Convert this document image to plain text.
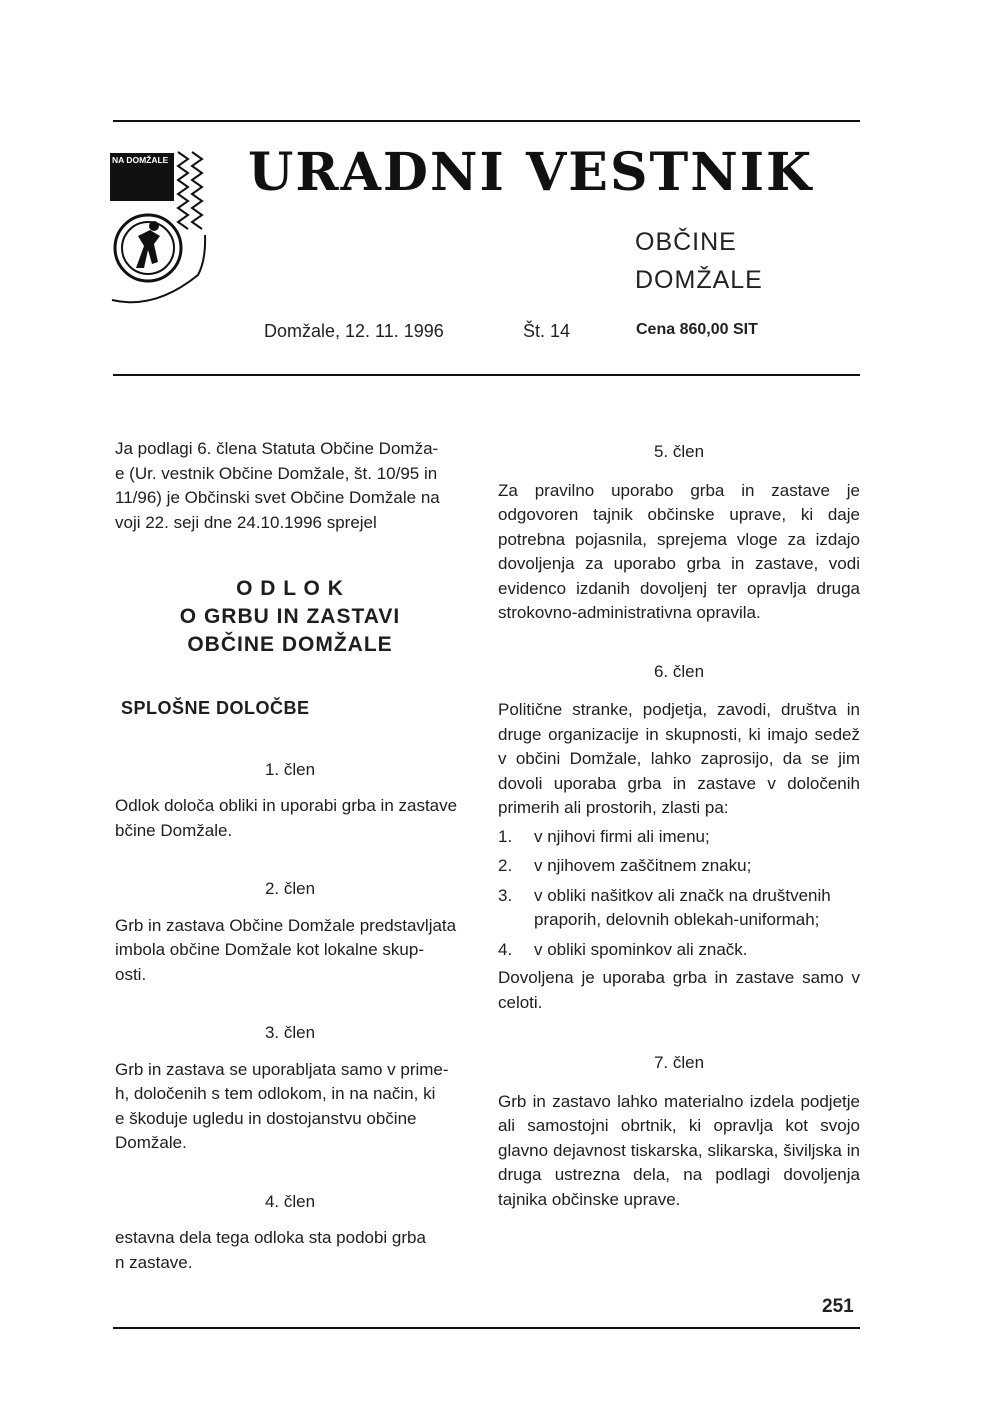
NA DOMŽALE URADNI VESTNIK
OBČINE
DOMŽALE
Domžale, 12. 11. 1996	Št. 14	Cena 860,00 SIT

Ja podlagi 6. člena Statuta Občine Domža-

e (Ur. vestnik Občine Domžale, št. 10/95 in

11/96) je Občinski svet Občine Domžale na

voji 22. seji dne 24.10.1996 sprejel

O D L O K

O GRBU IN ZASTAVI

OBČINE DOMŽALE

SPLOŠNE DOLOČBE

1. člen

Odlok določa obliki in uporabi grba in zastave

bčine Domžale.

2. člen

Grb in zastava Občine Domžale predstavljata

imbola občine Domžale kot lokalne skup-

osti.

3. člen

Grb in zastava se uporabljata samo v prime-

h, določenih s tem odlokom, in na način, ki

e škoduje ugledu in dostojanstvu občine

Domžale.

4. člen

estavna dela tega odloka sta podobi grba

n zastave.

5. člen

Za pravilno uporabo grba in zastave je odgovoren tajnik občinske uprave, ki daje potrebna pojasnila, sprejema vloge za izdajo dovoljenja za uporabo grba in zastave, vodi evidenco izdanih dovoljenj ter opravlja druga strokovno-administrativna opravila.

6. člen

Politične stranke, podjetja, zavodi, društva in druge organizacije in skupnosti, ki imajo sedež v občini Domžale, lahko zaprosijo, da se jim dovoli uporaba grba in zastave v določenih primerih ali prostorih, zlasti pa:

1. v njihovi firmi ali imenu;
2. v njihovem zaščitnem znaku;
3. v obliki našitkov ali značk na društvenih praporih, delovnih oblekah-uniformah;
4. v obliki spominkov ali značk.

Dovoljena je uporaba grba in zastave samo v celoti.

7. člen

Grb in zastavo lahko materialno izdela podjetje ali samostojni obrtnik, ki opravlja kot svojo glavno dejavnost tiskarska, slikarska, šiviljska in druga ustrezna dela, na podlagi dovoljenja tajnika občinske uprave.

251
